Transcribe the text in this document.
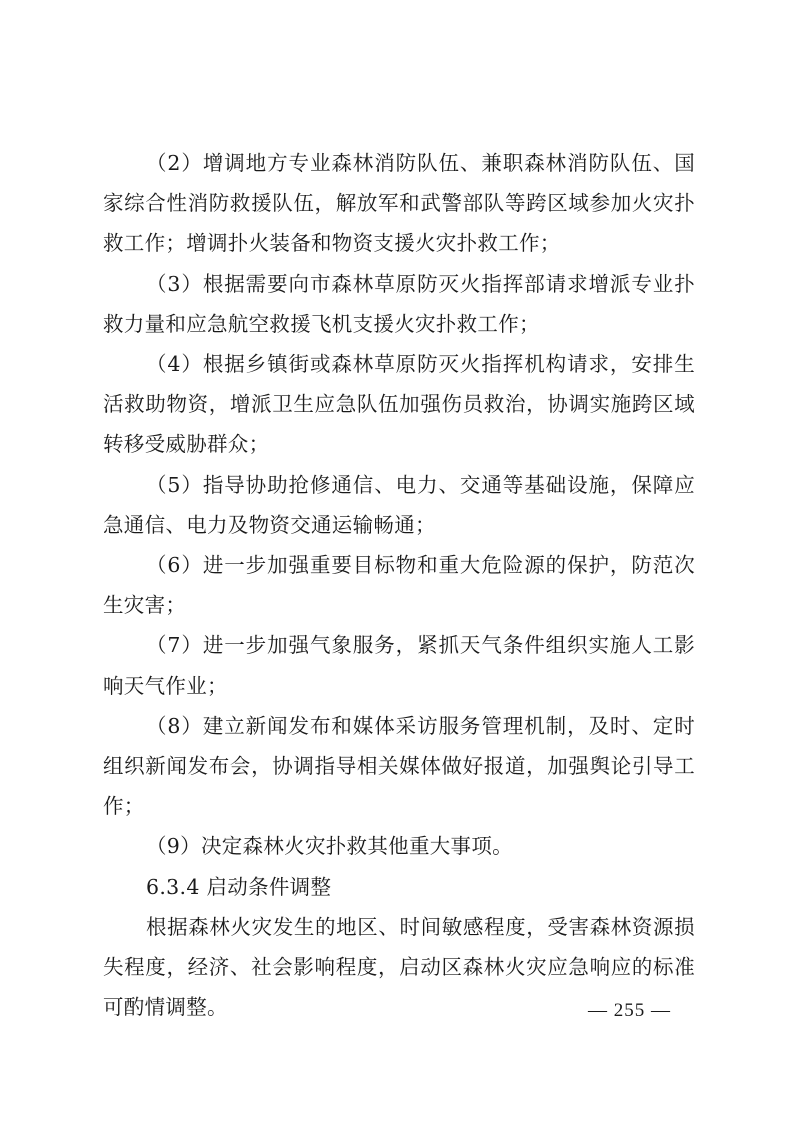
（2）增调地方专业森林消防队伍、兼职森林消防队伍、国家综合性消防救援队伍，解放军和武警部队等跨区域参加火灾扑救工作；增调扑火装备和物资支援火灾扑救工作；

（3）根据需要向市森林草原防灭火指挥部请求增派专业扑救力量和应急航空救援飞机支援火灾扑救工作；

（4）根据乡镇街或森林草原防灭火指挥机构请求，安排生活救助物资，增派卫生应急队伍加强伤员救治，协调实施跨区域转移受威胁群众；

（5）指导协助抢修通信、电力、交通等基础设施，保障应急通信、电力及物资交通运输畅通；

（6）进一步加强重要目标物和重大危险源的保护，防范次生灾害；

（7）进一步加强气象服务，紧抓天气条件组织实施人工影响天气作业；

（8）建立新闻发布和媒体采访服务管理机制，及时、定时组织新闻发布会，协调指导相关媒体做好报道，加强舆论引导工作；

（9）决定森林火灾扑救其他重大事项。

6.3.4 启动条件调整

根据森林火灾发生的地区、时间敏感程度，受害森林资源损失程度，经济、社会影响程度，启动区森林火灾应急响应的标准可酌情调整。	— 255 —
